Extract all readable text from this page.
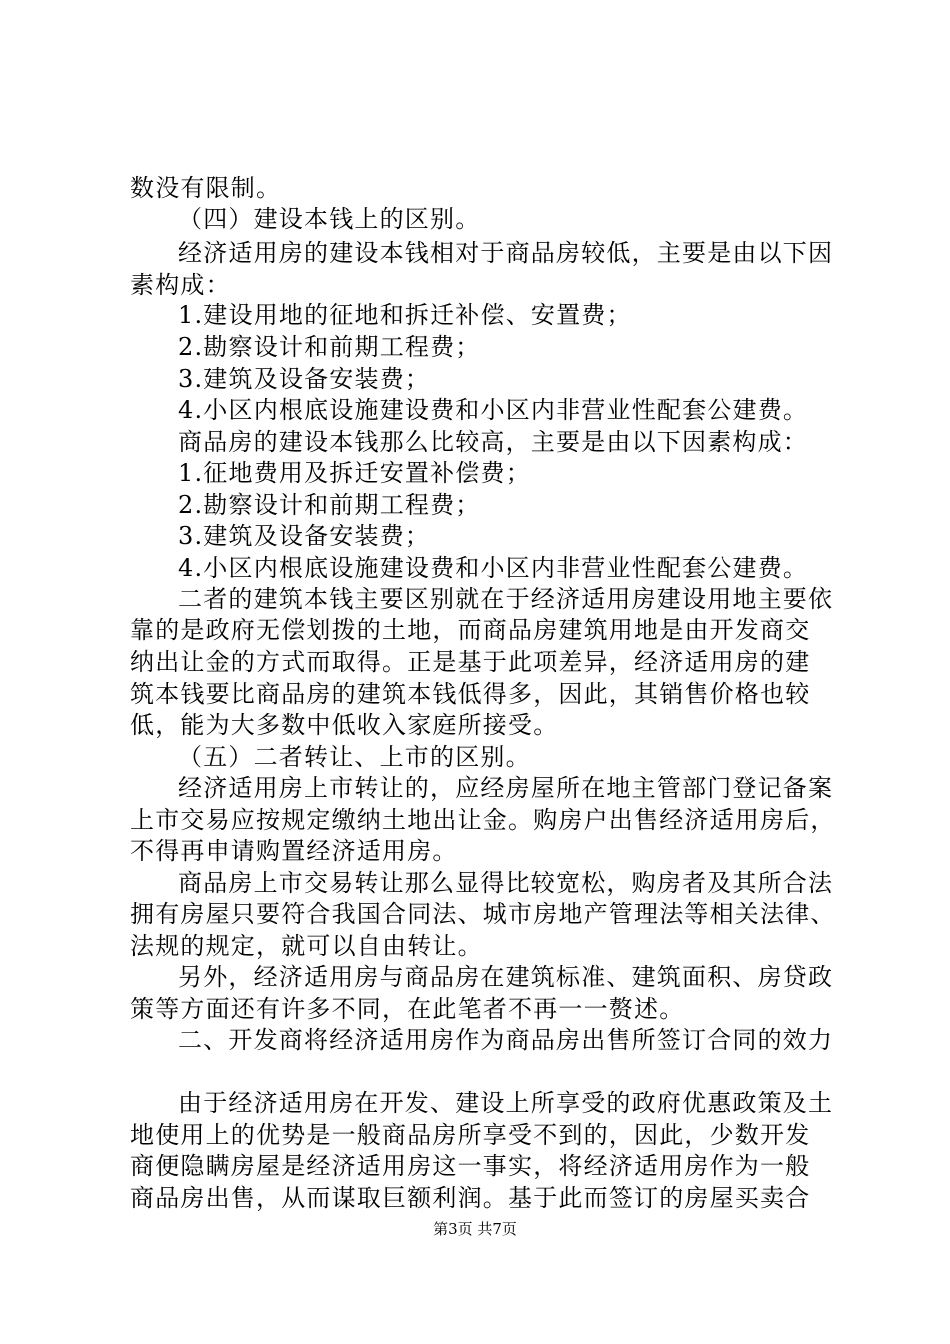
数没有限制。
（四）建设本钱上的区别。
经济适用房的建设本钱相对于商品房较低，主要是由以下因
素构成：
1.建设用地的征地和拆迁补偿、安置费；
2.勘察设计和前期工程费；
3.建筑及设备安装费；
4.小区内根底设施建设费和小区内非营业性配套公建费。
商品房的建设本钱那么比较高，主要是由以下因素构成：
1.征地费用及拆迁安置补偿费；
2.勘察设计和前期工程费；
3.建筑及设备安装费；
4.小区内根底设施建设费和小区内非营业性配套公建费。
二者的建筑本钱主要区别就在于经济适用房建设用地主要依
靠的是政府无偿划拨的土地，而商品房建筑用地是由开发商交
纳出让金的方式而取得。正是基于此项差异，经济适用房的建
筑本钱要比商品房的建筑本钱低得多，因此，其销售价格也较
低，能为大多数中低收入家庭所接受。
（五）二者转让、上市的区别。
经济适用房上市转让的，应经房屋所在地主管部门登记备案
上市交易应按规定缴纳土地出让金。购房户出售经济适用房后，
不得再申请购置经济适用房。
商品房上市交易转让那么显得比较宽松，购房者及其所合法
拥有房屋只要符合我国合同法、城市房地产管理法等相关法律、
法规的规定，就可以自由转让。
另外，经济适用房与商品房在建筑标准、建筑面积、房贷政
策等方面还有许多不同，在此笔者不再一一赘述。
二、开发商将经济适用房作为商品房出售所签订合同的效力
由于经济适用房在开发、建设上所享受的政府优惠政策及土
地使用上的优势是一般商品房所享受不到的，因此，少数开发
商便隐瞒房屋是经济适用房这一事实，将经济适用房作为一般
商品房出售，从而谋取巨额利润。基于此而签订的房屋买卖合
第3页 共7页
